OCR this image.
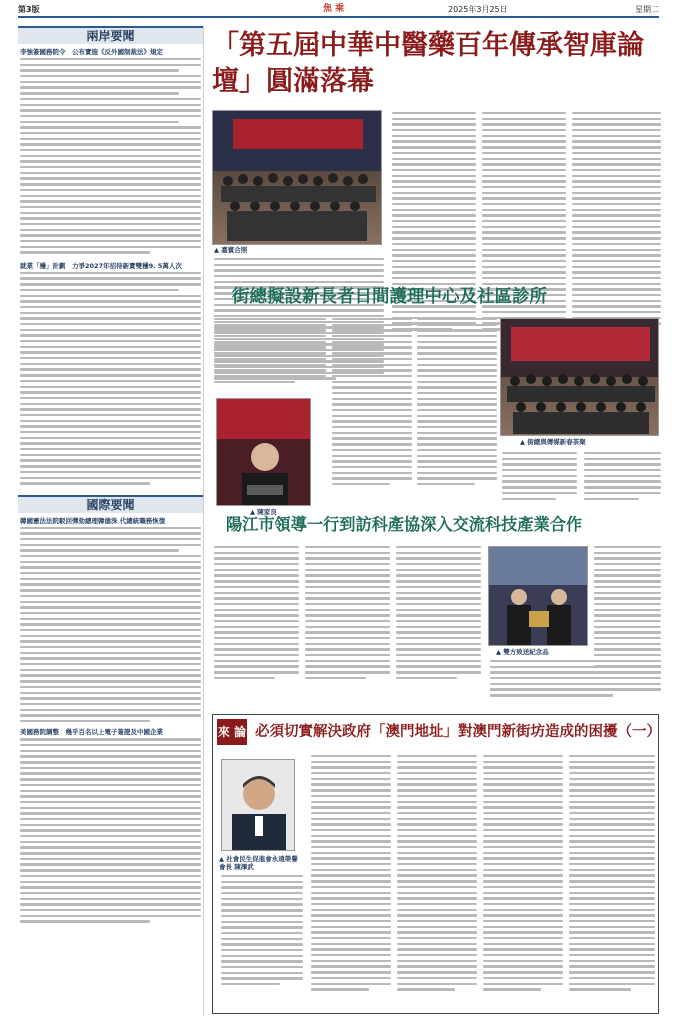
第3版	焦 乘	2025年3月25日	星期二
兩岸要聞
李強簽國務院令　公布實施《反外國制裁法》規定
就業「穩」計劃　力爭2027年招待新實雙穩9. 5萬人次
國際要聞
韓國憲法法院駁回彈劾總理韓德洙 代總統職務恢復
美國務院調整　幾乎百名以上電子簽證及中國企業
「第五屆中華中醫藥百年傳承智庫論壇」圓滿落幕
▲ 嘉賓合照
街總擬設新長者日間護理中心及社區診所
▲ 陳家良
▲ 街總與傳媒新春茶聚
陽江市領導一行到訪科產協深入交流科技產業合作
▲ 雙方致送紀念品
來 論 必須切實解決政府「澳門地址」對澳門新街坊造成的困擾（一）
▲ 社會民生促進會永遠榮譽會長 陳澤武
